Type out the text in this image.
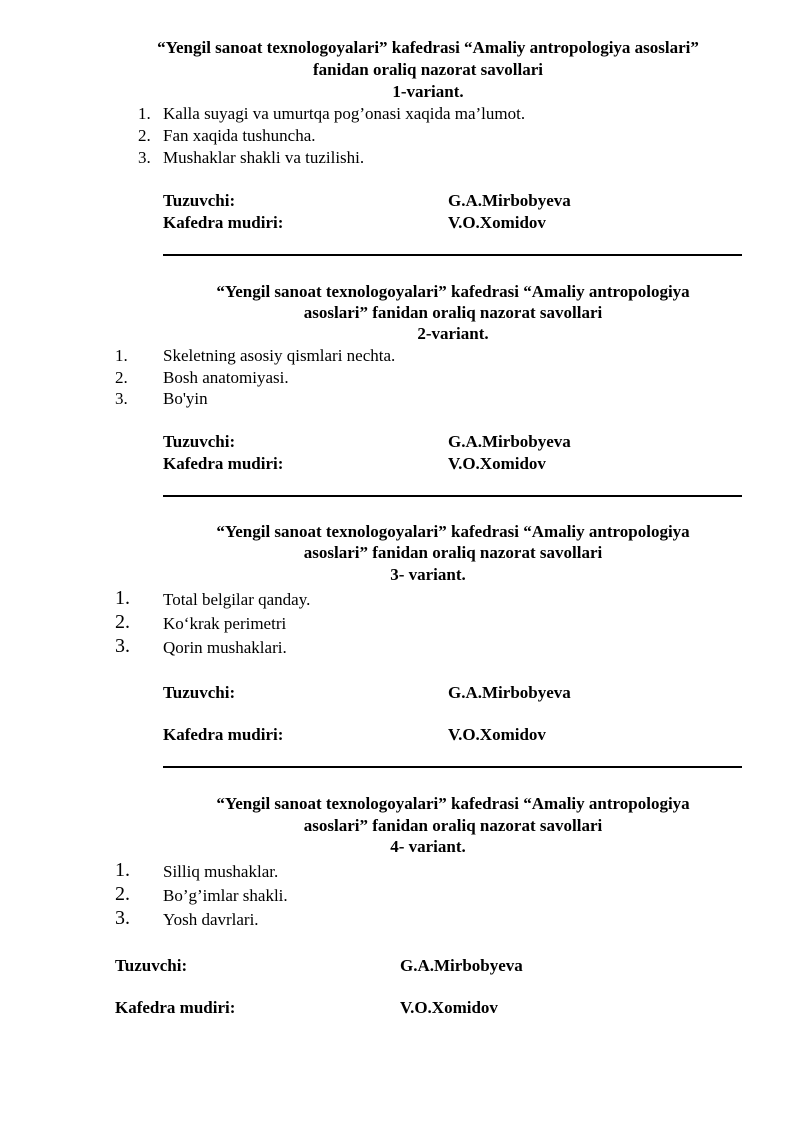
“Yengil sanoat texnologoyalari” kafedrasi “Amaliy antropologiya asoslari”
fanidan oraliq nazorat savollari
1-variant.
1. Kalla suyagi va umurtqa pog’onasi xaqida ma’lumot.
2. Fan xaqida tushuncha.
3. Mushaklar shakli va tuzilishi.
Tuzuvchi:	G.A.Mirbobyeva
Kafedra mudiri:	V.O.Xomidov
“Yengil sanoat texnologoyalari” kafedrasi “Amaliy antropologiya
asoslari” fanidan oraliq nazorat savollari
2-variant.
1. Skeletning asosiy qismlari nechta.
2. Bosh anatomiyasi.
3. Bo'yin
Tuzuvchi:	G.A.Mirbobyeva
Kafedra mudiri:	V.O.Xomidov
“Yengil sanoat texnologoyalari” kafedrasi “Amaliy antropologiya
asoslari” fanidan oraliq nazorat savollari
3- variant.
1. Total belgilar qanday.
2. Ko‘krak perimetri
3. Qorin mushaklari.
Tuzuvchi:	G.A.Mirbobyeva
Kafedra mudiri:	V.O.Xomidov
“Yengil sanoat texnologoyalari” kafedrasi “Amaliy antropologiya
asoslari” fanidan oraliq nazorat savollari
4- variant.
1. Silliq mushaklar.
2. Bo’g’imlar shakli.
3. Yosh davrlari.
Tuzuvchi:	G.A.Mirbobyeva
Kafedra mudiri:	V.O.Xomidov
